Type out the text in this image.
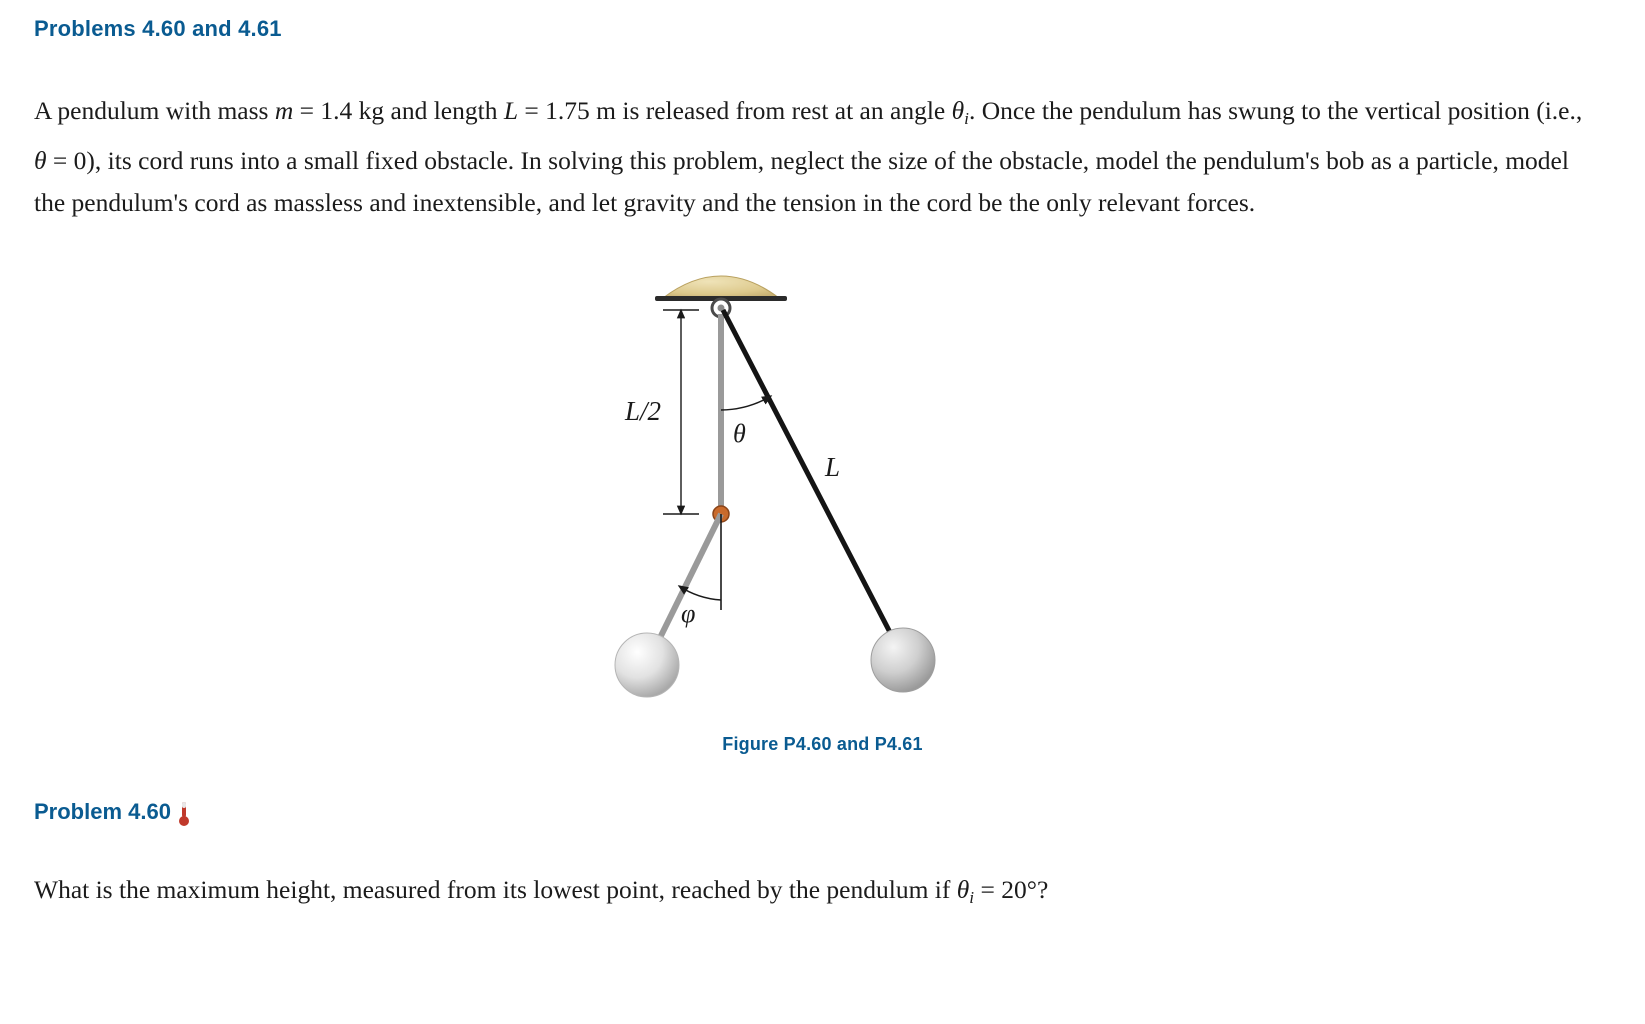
Problems 4.60 and 4.61

A pendulum with mass m = 1.4 kg and length L = 1.75 m is released from rest at an angle $\theta_i$. Once the pendulum has swung to the vertical position (i.e., θ = 0), its cord runs into a small fixed obstacle. In solving this problem, neglect the size of the obstacle, model the pendulum's bob as a particle, model the pendulum's cord as massless and inextensible, and let gravity and the tension in the cord be the only relevant forces.

L/2
θ
L
φ
Figure P4.60 and P4.61
Problem 4.60
What is the maximum height, measured from its lowest point, reached by the pendulum if $\theta_i = 20^\circ$?
